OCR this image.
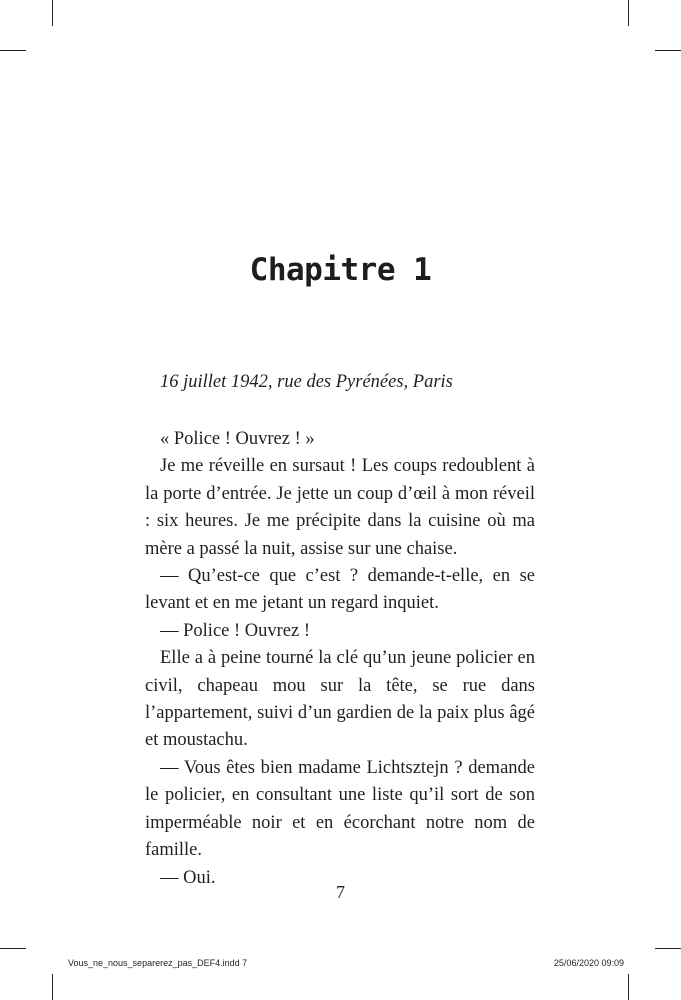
Chapitre 1

16 juillet 1942, rue des Pyrénées, Paris

« Police ! Ouvrez ! »

Je me réveille en sursaut ! Les coups redoublent à la porte d’entrée. Je jette un coup d’œil à mon réveil : six heures. Je me précipite dans la cuisine où ma mère a passé la nuit, assise sur une chaise.

— Qu’est-ce que c’est ? demande-t-elle, en se levant et en me jetant un regard inquiet.

— Police ! Ouvrez !

Elle a à peine tourné la clé qu’un jeune policier en civil, chapeau mou sur la tête, se rue dans l’appartement, suivi d’un gardien de la paix plus âgé et moustachu.

— Vous êtes bien madame Lichtsztejn ? demande le policier, en consultant une liste qu’il sort de son imperméable noir et en écorchant notre nom de famille.

— Oui.

7

Vous_ne_nous_separerez_pas_DEF4.indd 7	25/06/2020 09:09
